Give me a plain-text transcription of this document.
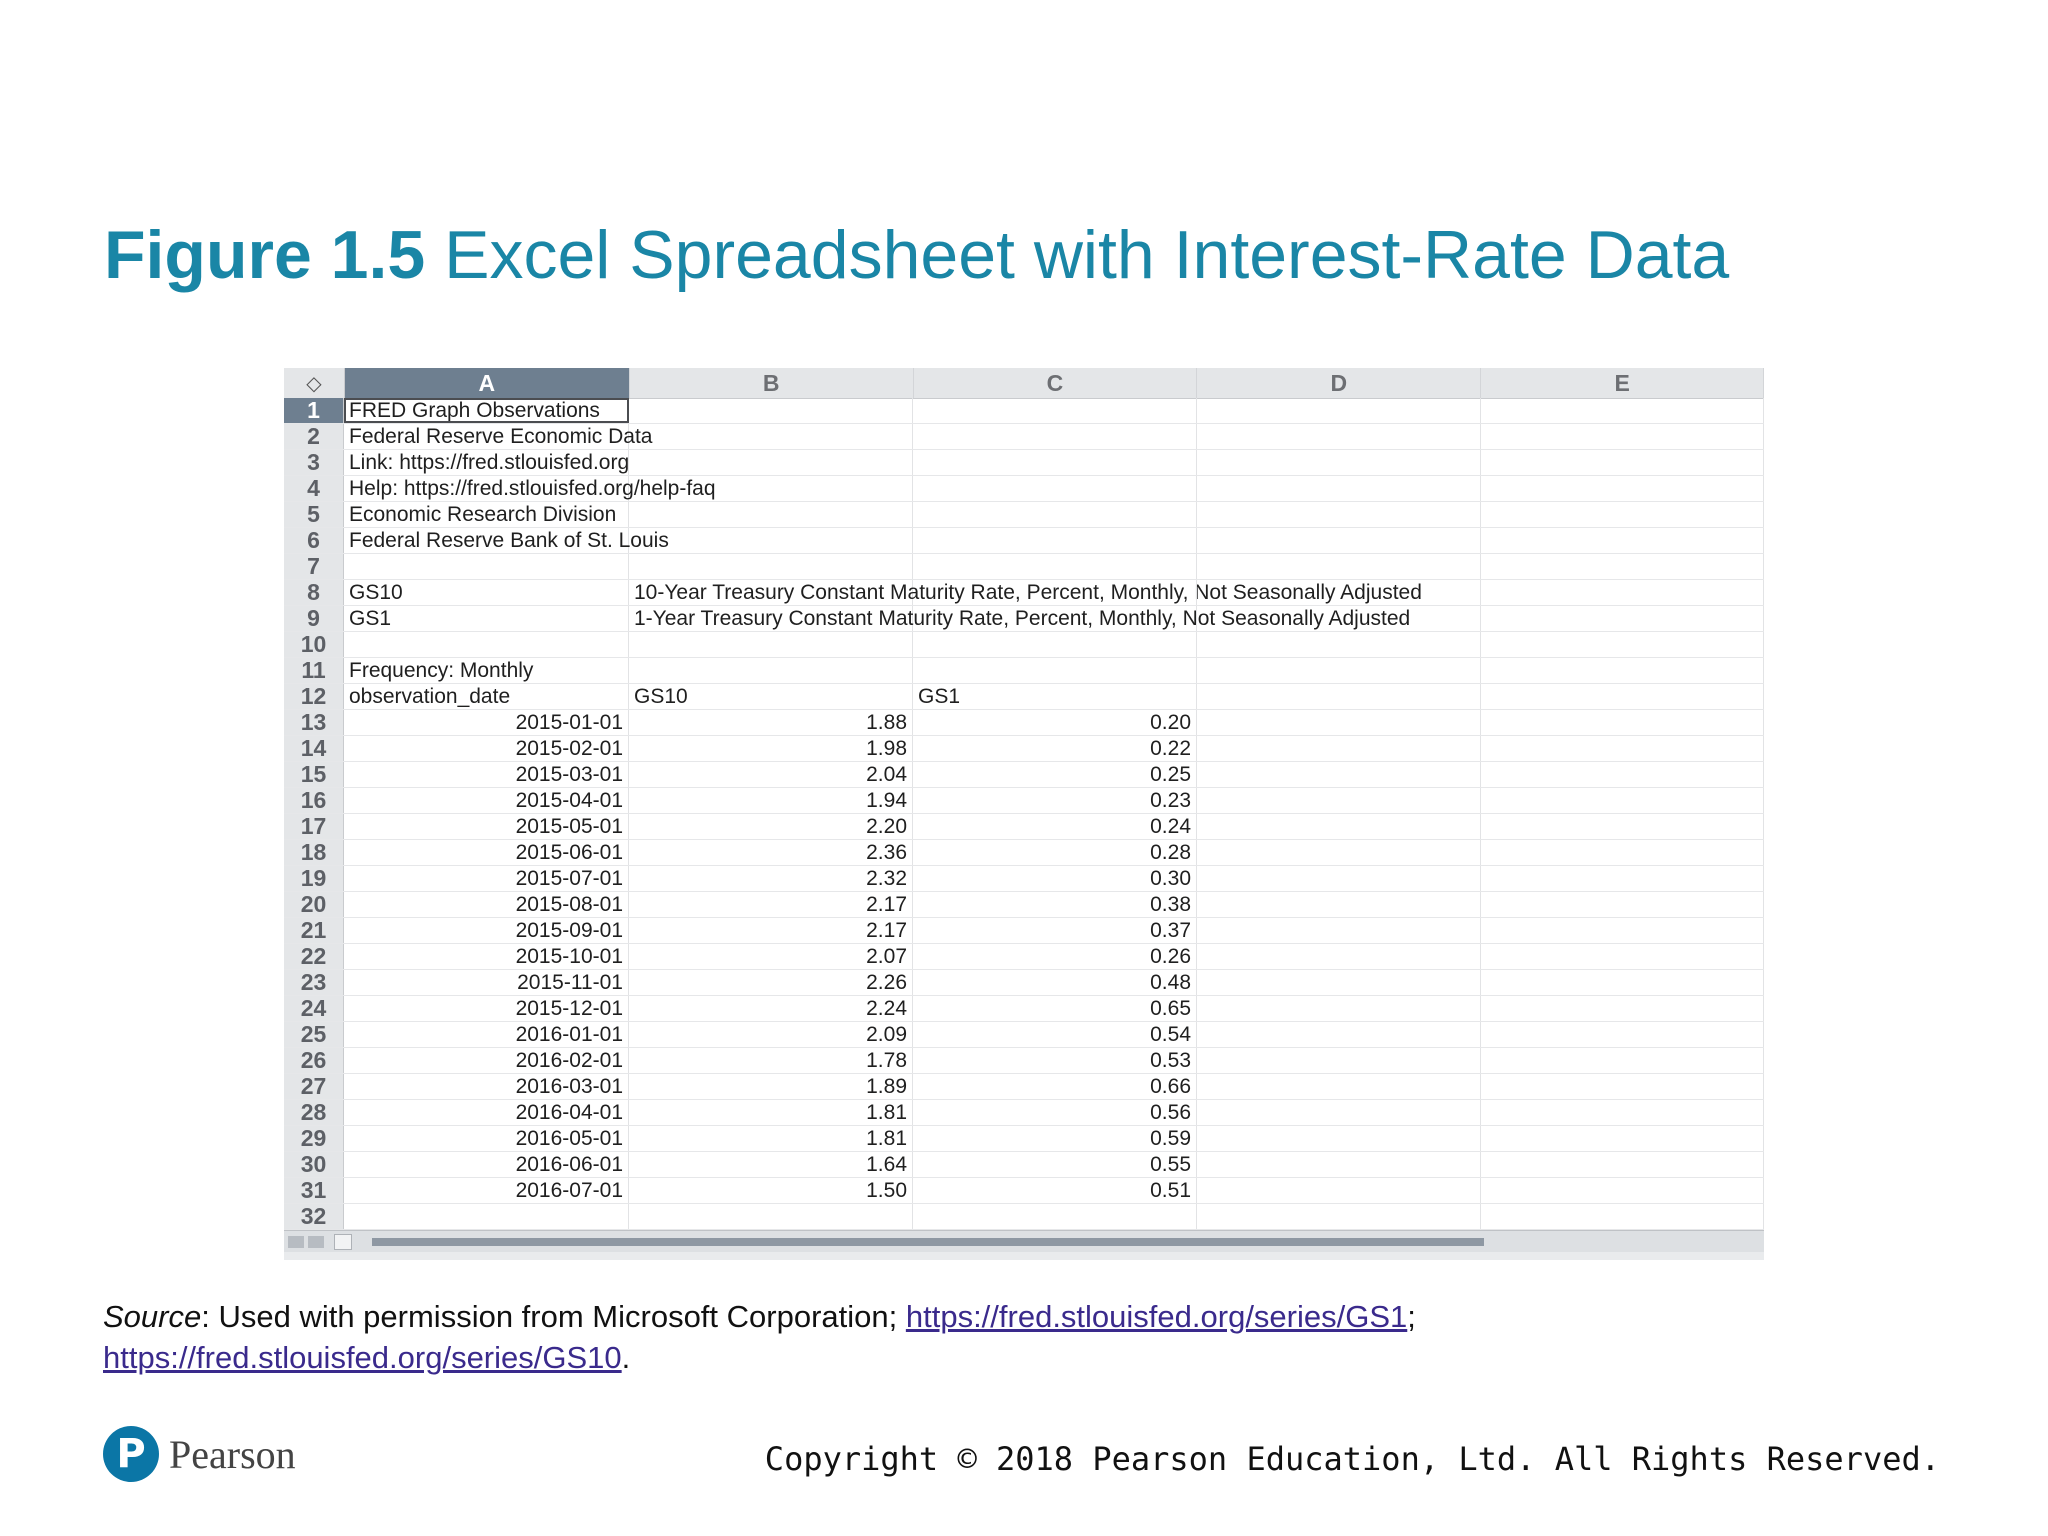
Figure 1.5 Excel Spreadsheet with Interest-Rate Data
◇	A	B	C	D	E
1	FRED Graph Observations
2	Federal Reserve Economic Data
3	Link: https://fred.stlouisfed.org
4	Help: https://fred.stlouisfed.org/help-faq
5	Economic Research Division
6	Federal Reserve Bank of St. Louis
7
8	GS10	10-Year Treasury Constant Maturity Rate, Percent, Monthly, Not Seasonally Adjusted
9	GS1	1-Year Treasury Constant Maturity Rate, Percent, Monthly, Not Seasonally Adjusted
10
11	Frequency: Monthly
12	observation_date	GS10	GS1
13	2015-01-01	1.88	0.20
14	2015-02-01	1.98	0.22
15	2015-03-01	2.04	0.25
16	2015-04-01	1.94	0.23
17	2015-05-01	2.20	0.24
18	2015-06-01	2.36	0.28
19	2015-07-01	2.32	0.30
20	2015-08-01	2.17	0.38
21	2015-09-01	2.17	0.37
22	2015-10-01	2.07	0.26
23	2015-11-01	2.26	0.48
24	2015-12-01	2.24	0.65
25	2016-01-01	2.09	0.54
26	2016-02-01	1.78	0.53
27	2016-03-01	1.89	0.66
28	2016-04-01	1.81	0.56
29	2016-05-01	1.81	0.59
30	2016-06-01	1.64	0.55
31	2016-07-01	1.50	0.51
32
Source: Used with permission from Microsoft Corporation; https://fred.stlouisfed.org/series/GS1;
https://fred.stlouisfed.org/series/GS10.
P Pearson	Copyright © 2018 Pearson Education, Ltd. All Rights Reserved.
